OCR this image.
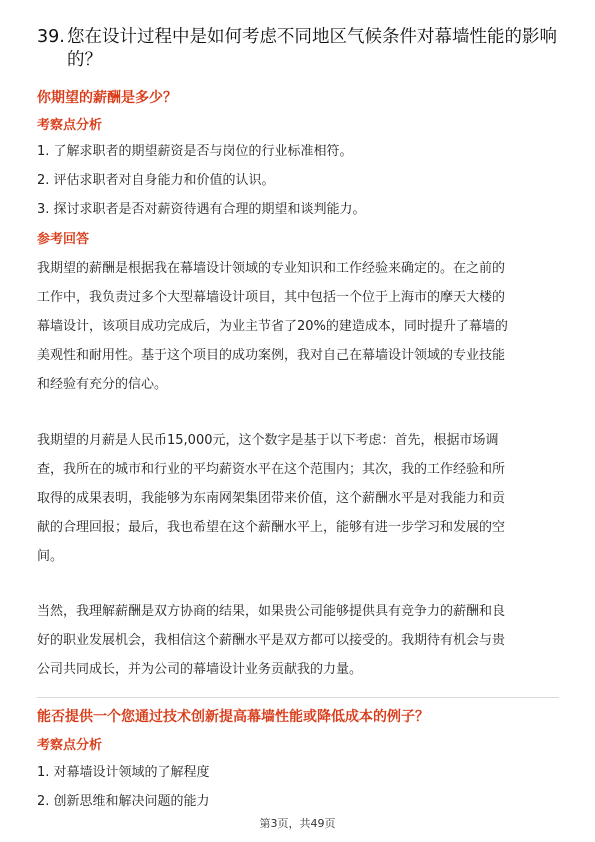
39. 您在设计过程中是如何考虑不同地区气候条件对幕墙性能的影响
的？
你期望的薪酬是多少？
考察点分析
1. 了解求职者的期望薪资是否与岗位的行业标准相符。
2. 评估求职者对自身能力和价值的认识。
3. 探讨求职者是否对薪资待遇有合理的期望和谈判能力。
参考回答
我期望的薪酬是根据我在幕墙设计领域的专业知识和工作经验来确定的。在之前的
工作中，我负责过多个大型幕墙设计项目，其中包括一个位于上海市的摩天大楼的
幕墙设计，该项目成功完成后，为业主节省了20%的建造成本，同时提升了幕墙的
美观性和耐用性。基于这个项目的成功案例，我对自己在幕墙设计领域的专业技能
和经验有充分的信心。
我期望的月薪是人民币15,000元，这个数字是基于以下考虑：首先，根据市场调
查，我所在的城市和行业的平均薪资水平在这个范围内；其次，我的工作经验和所
取得的成果表明，我能够为东南网架集团带来价值，这个薪酬水平是对我能力和贡
献的合理回报；最后，我也希望在这个薪酬水平上，能够有进一步学习和发展的空
间。
当然，我理解薪酬是双方协商的结果，如果贵公司能够提供具有竞争力的薪酬和良
好的职业发展机会，我相信这个薪酬水平是双方都可以接受的。我期待有机会与贵
公司共同成长，并为公司的幕墙设计业务贡献我的力量。
能否提供一个您通过技术创新提高幕墙性能或降低成本的例子？
考察点分析
1. 对幕墙设计领域的了解程度
2. 创新思维和解决问题的能力
第3页，共49页
